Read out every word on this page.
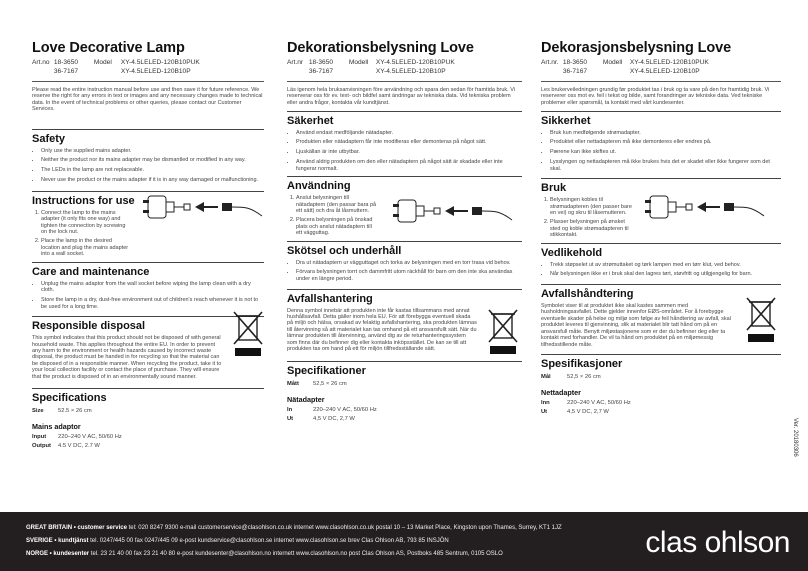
Love Decorative Lamp
Art.no 18-3650 Model XY-4.5LELED-120B10PUK
36-7167	XY-4.5LELED-120B10P
Please read the entire instruction manual before use and then save it for future reference. We reserve the right for any errors in text or images and any necessary changes made to technical data. In the event of technical problems or other queries, please contact our Customer Services.
Safety
• Only use the supplied mains adapter.
• Neither the product nor its mains adapter may be dismantled or modified in any way.
• The LEDs in the lamp are not replaceable.
• Never use the product or the mains adapter if it is in any way damaged or malfunctioning.
Instructions for use
1. Connect the lamp to the mains adapter (it only fits one way) and tighten the connection by screwing on the lock nut.
2. Place the lamp in the desired location and plug the mains adapter into a wall socket.
Care and maintenance
• Unplug the mains adaptor from the wall socket before wiping the lamp clean with a dry cloth.
• Store the lamp in a dry, dust-free environment out of children's reach whenever it is not to be used for a long time.
Responsible disposal
This symbol indicates that this product should not be disposed of with general household waste. This applies throughout the entire EU. In order to prevent any harm to the environment or health hazards caused by incorrect waste disposal, the product must be handed in for recycling so that the material can be disposed of in a responsible manner. When recycling the product, take it to your local collection facility or contact the place of purchase. They will ensure that the product is disposed of in an environmentally sound manner.
Specifications
Size 52.5 × 26 cm
Mains adaptor
Input 220–240 V AC, 50/60 Hz
Output 4.5 V DC, 2.7 W
Dekorationsbelysning Love
Art.nr 18-3650 Modell XY-4.5LELED-120B10PUK
36-7167	XY-4.5LELED-120B10P
Läs igenom hela bruksanvisningen före användning och spara den sedan för framtida bruk. Vi reserverar oss för ev. text- och bildfel samt ändringar av tekniska data. Vid tekniska problem eller andra frågor, kontakta vår kundtjänst.
Säkerhet
• Använd endast medföljande nätadapter.
• Produkten eller nätadaptern får inte modifieras eller demonteras på något sätt.
• Ljuskällan är inte utbytbar.
• Använd aldrig produkten om den eller nätadaptern på något sätt är skadade eller inte fungerar normalt.
Användning
1. Anslut belysningen till nätadaptern (den passar bara på ett sätt) och dra åt låsmuttern.
2. Placera belysningen på önskad plats och anslut nätadaptern till ett vägguttag.
Skötsel och underhåll
• Dra ut nätadaptern ur vägguttaget och torka av belysningen med en torr trasa vid behov.
• Förvara belysningen torrt och dammfritt utom räckhåll för barn om den inte ska användas under en längre period.
Avfallshantering
Denna symbol innebär att produkten inte får kastas tillsammans med annat hushållsavfall. Detta gäller inom hela EU. För att förebygga eventuell skada på miljö och hälsa, orsakad av felaktig avfallshantering, ska produkten lämnas till återvinning så att materialet kan tas omhand på ett ansvarsfullt sätt. När du lämnar produkten till återvinning, använd dig av de returhanteringssystem som finns där du befinner dig eller kontakta inköpsstället. De kan se till att produkten tas om hand på ett för miljön tillfredsställande sätt.
Specifikationer
Mått 52,5 × 26 cm
Nätadapter
In	220–240 V AC, 50/60 Hz
Ut	4,5 V DC, 2,7 W
Dekorasjonsbelysning Love
Art.nr. 18-3650 Modell XY-4.5LELED-120B10PUK
36-7167	XY-4.5LELED-120B10P
Les brukerveiledningen grundig før produktet tas i bruk og ta vare på den for framtidig bruk. Vi reserverer oss mot ev. feil i tekst og bilde, samt forandringer av tekniske data. Ved tekniske problemer eller spørsmål, ta kontakt med vårt kundesenter.
Sikkerhet
• Bruk kun medfølgende strømadapter.
• Produktet eller nettadapteren må ikke demonteres eller endres på.
• Pærene kan ikke skiftes ut.
• Lysslyngen og nettadapteren må ikke brukes hvis det er skadet eller ikke fungerer som det skal.
Bruk
1. Belysningen kobles til strømadapteren (den passer bare en vei) og skru til låsemutteren.
2. Plasser belysningen på ønsket sted og koble strømadapteren til stikkontakt.
Vedlikehold
• Trekk støpselet ut av strømuttaket og tørk lampen med en tørr klut, ved behov.
• Når belysningen ikke er i bruk skal den lagres tørt, støvfritt og utilgjengelig for barn.
Avfallshåndtering
Symbolet viser til at produktet ikke skal kastes sammen med husholdningsavfallet. Dette gjelder innenfor EØS-området. For å forebygge eventuelle skader på helse og miljø som følge av feil håndtering av avfall, skal produktet leveres til gjenvinning, slik at materialet blir tatt hånd om på en ansvarsfull måte. Benytt miljøstasjonene som er der du befinner deg eller ta kontakt med forhandler. De vil ta hånd om produktet på en miljømessig tilfredsstillende måte.
Spesifikasjoner
Mål	52,5 × 26 cm
Nettadapter
Inn	220–240 V AC, 50/60 Hz
Ut	4,5 V DC, 2,7 W
Ver. 20180306
GREAT BRITAIN • customer service tel: 020 8247 9300 e-mail customerservice@clasohlson.co.uk internet www.clasohlson.co.uk postal 10 – 13 Market Place, Kingston upon Thames, Surrey, KT1 1JZ
SVERIGE • kundtjänst tel. 0247/445 00 fax 0247/445 09 e-post kundservice@clasohlson.se internet www.clasohlson.se brev Clas Ohlson AB, 793 85 INSJÖN
NORGE • kundesenter tel. 23 21 40 00 fax 23 21 40 80 e-post kundesenter@clasohlson.no internett www.clasohlson.no post Clas Ohlson AS, Postboks 485 Sentrum, 0105 OSLO	clas ohlson
